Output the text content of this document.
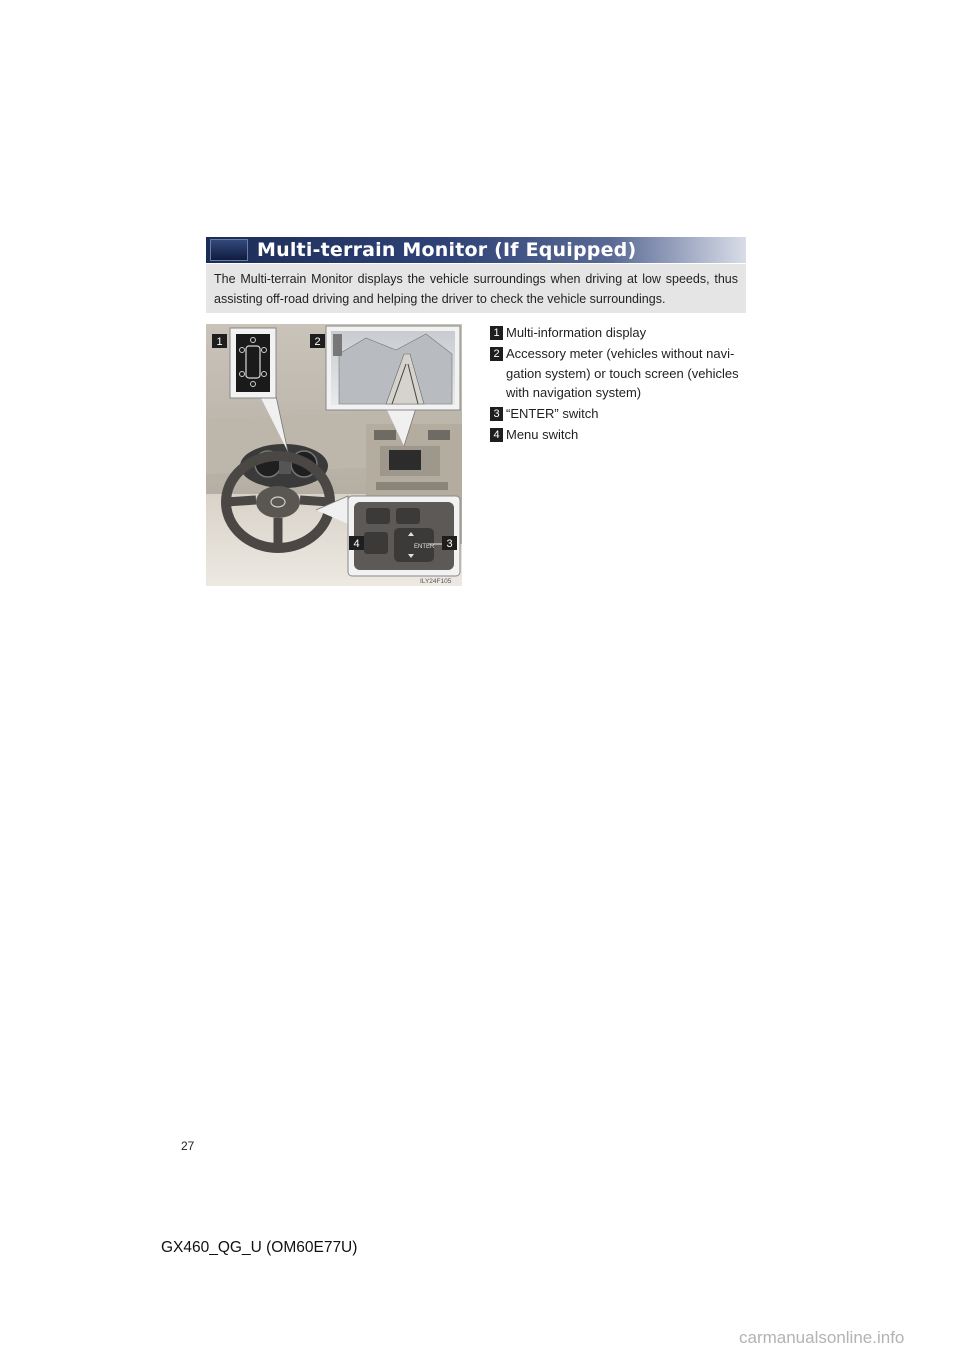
Multi-terrain Monitor (If Equipped)
The Multi-terrain Monitor displays the vehicle surroundings when driving at low speeds, thus assisting off-road driving and helping the driver to check the vehicle surroundings.
ENTER
1	2
3
4
ILY24F105
1 Multi-information display
2 Accessory meter (vehicles without navi-gation system) or touch screen (vehicles with navigation system)
3 “ENTER” switch
4 Menu switch
27
GX460_QG_U (OM60E77U)
carmanualsonline.info
